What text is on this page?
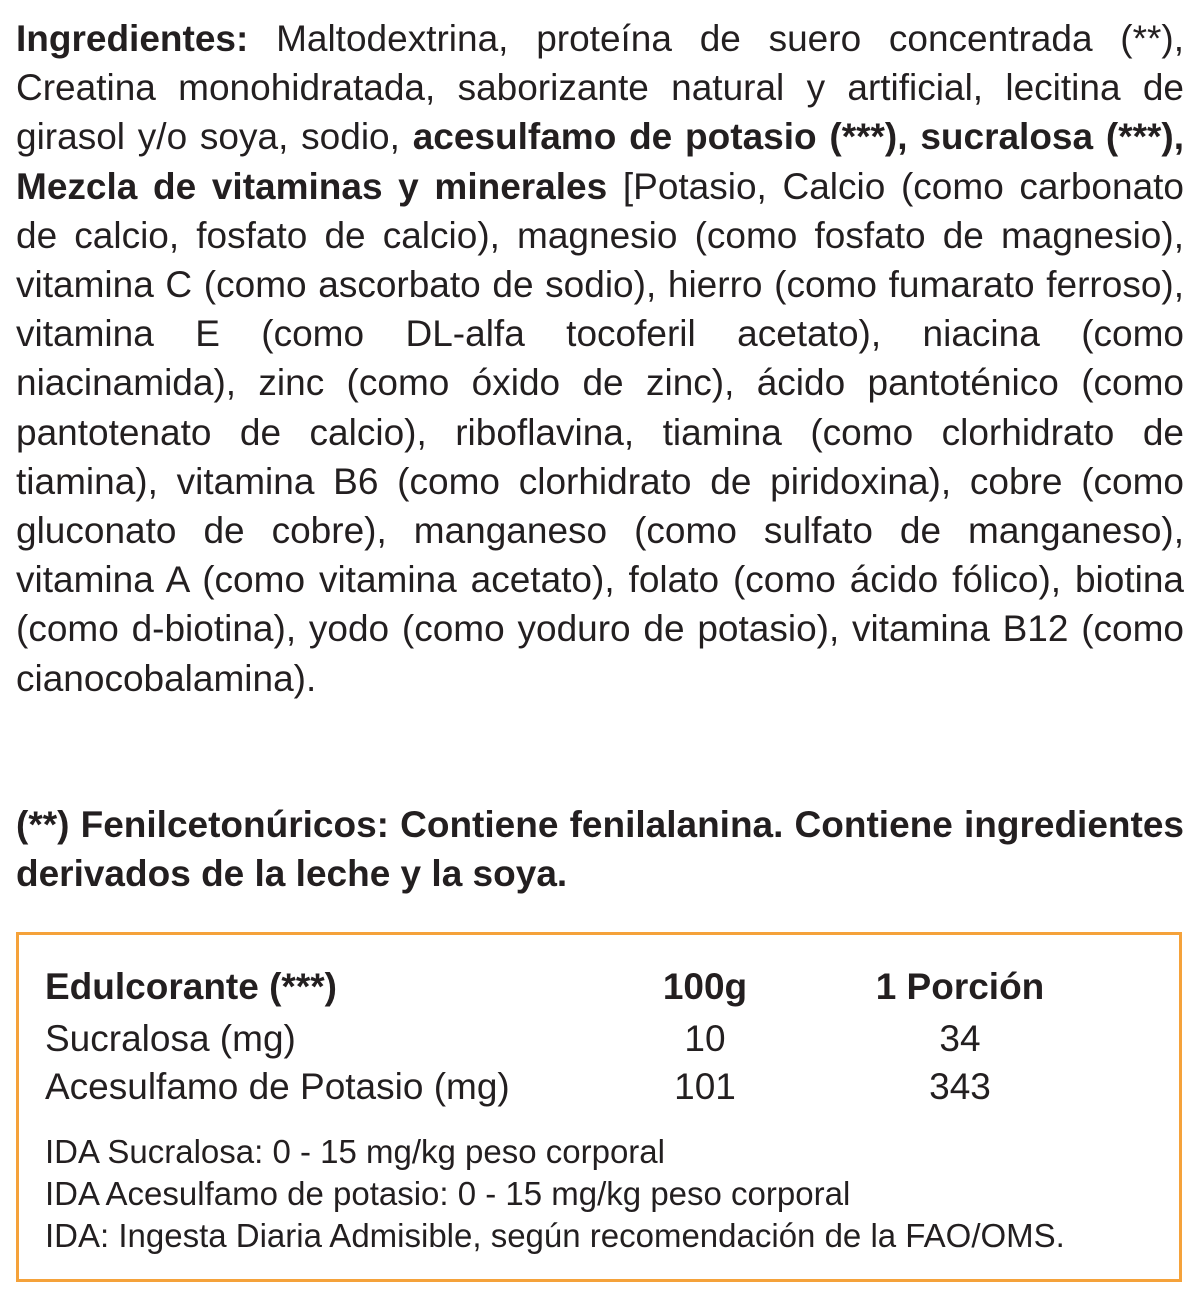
Ingredientes: Maltodextrina, proteína de suero concentrada (**), Creatina monohidratada, saborizante natural y artificial, lecitina de girasol y/o soya, sodio, acesulfamo de potasio (***), sucralosa (***), Mezcla de vitaminas y minerales [Potasio, Calcio (como carbonato de calcio, fosfato de calcio), magnesio (como fosfato de magnesio), vitamina C (como ascorbato de sodio), hierro (como fumarato ferroso), vitamina E (como DL-alfa tocoferil acetato), niacina (como niacinamida), zinc (como óxido de zinc), ácido pantoténico (como pantotenato de calcio), riboflavina, tiamina (como clorhidrato de tiamina), vitamina B6 (como clorhidrato de piridoxina), cobre (como gluconato de cobre), manganeso (como sulfato de manganeso), vitamina A (como vitamina acetato), folato (como ácido fólico), biotina (como d-biotina), yodo (como yoduro de potasio), vitamina B12 (como cianocobalamina).

(**) Fenilcetonúricos: Contiene fenilalanina. Contiene ingredientes derivados de la leche y la soya.

Edulcorante (***)	100g	1 Porción
Sucralosa (mg)	10	34
Acesulfamo de Potasio (mg)	101	343
IDA Sucralosa: 0 - 15 mg/kg peso corporal
IDA Acesulfamo de potasio: 0 - 15 mg/kg peso corporal
IDA: Ingesta Diaria Admisible, según recomendación de la FAO/OMS.
